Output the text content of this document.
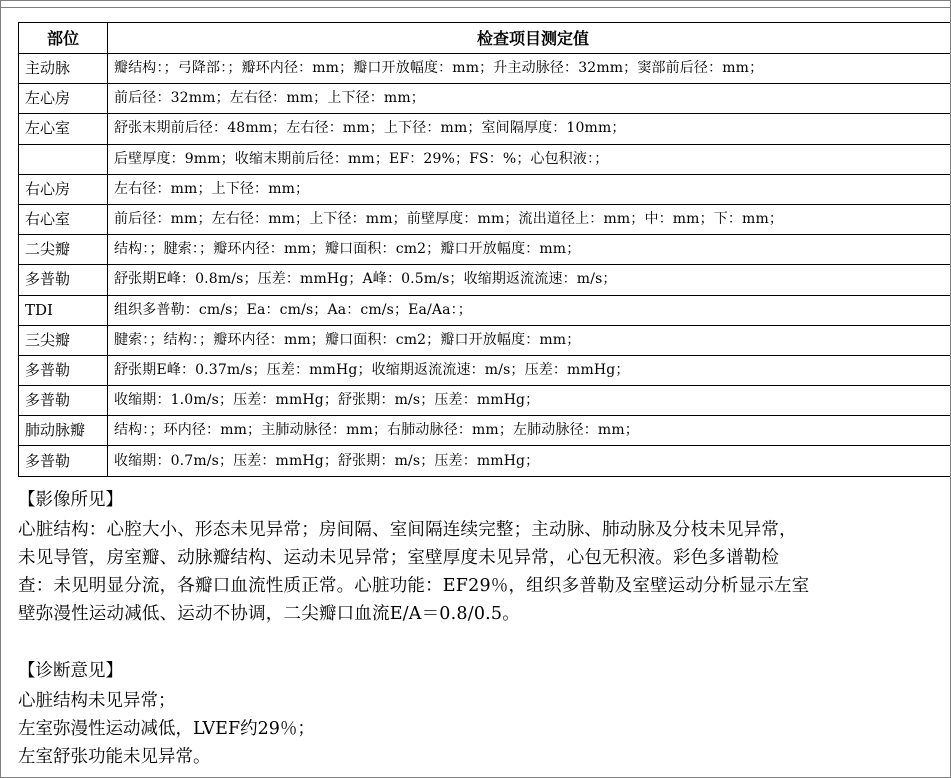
部位	检查项目测定值
主动脉	瓣结构：；弓降部：；瓣环内径：mm；瓣口开放幅度：mm；升主动脉径：32mm；窦部前后径：mm；
左心房	前后径：32mm；左右径：mm；上下径：mm；
左心室	舒张末期前后径：48mm；左右径：mm；上下径：mm；室间隔厚度：10mm；
	后壁厚度：9mm；收缩末期前后径：mm；EF：29%；FS：%；心包积液：；
右心房	左右径：mm；上下径：mm；
右心室	前后径：mm；左右径：mm；上下径：mm；前壁厚度：mm；流出道径上：mm；中：mm；下：mm；
二尖瓣	结构：；腱索：；瓣环内径：mm；瓣口面积：cm2；瓣口开放幅度：mm；
多普勒	舒张期E峰：0.8m/s；压差：mmHg；A峰：0.5m/s；收缩期返流流速：m/s；
TDI	组织多普勒：cm/s；Ea：cm/s；Aa：cm/s；Ea/Aa：；
三尖瓣	腱索：；结构：；瓣环内径：mm；瓣口面积：cm2；瓣口开放幅度：mm；
多普勒	舒张期E峰：0.37m/s；压差：mmHg；收缩期返流流速：m/s；压差：mmHg；
多普勒	收缩期：1.0m/s；压差：mmHg；舒张期：m/s；压差：mmHg；
肺动脉瓣	结构：；环内径：mm；主肺动脉径：mm；右肺动脉径：mm；左肺动脉径：mm；
多普勒	收缩期：0.7m/s；压差：mmHg；舒张期：m/s；压差：mmHg；
【影像所见】
心脏结构：心腔大小、形态未见异常；房间隔、室间隔连续完整；主动脉、肺动脉及分枝未见异常，
未见导管，房室瓣、动脉瓣结构、运动未见异常；室壁厚度未见异常，心包无积液。彩色多谱勒检
查：未见明显分流，各瓣口血流性质正常。心脏功能：EF29％，组织多普勒及室壁运动分析显示左室
壁弥漫性运动减低、运动不协调，二尖瓣口血流E/A＝0.8/0.5。
【诊断意见】
心脏结构未见异常；
左室弥漫性运动减低，LVEF约29％；
左室舒张功能未见异常。
